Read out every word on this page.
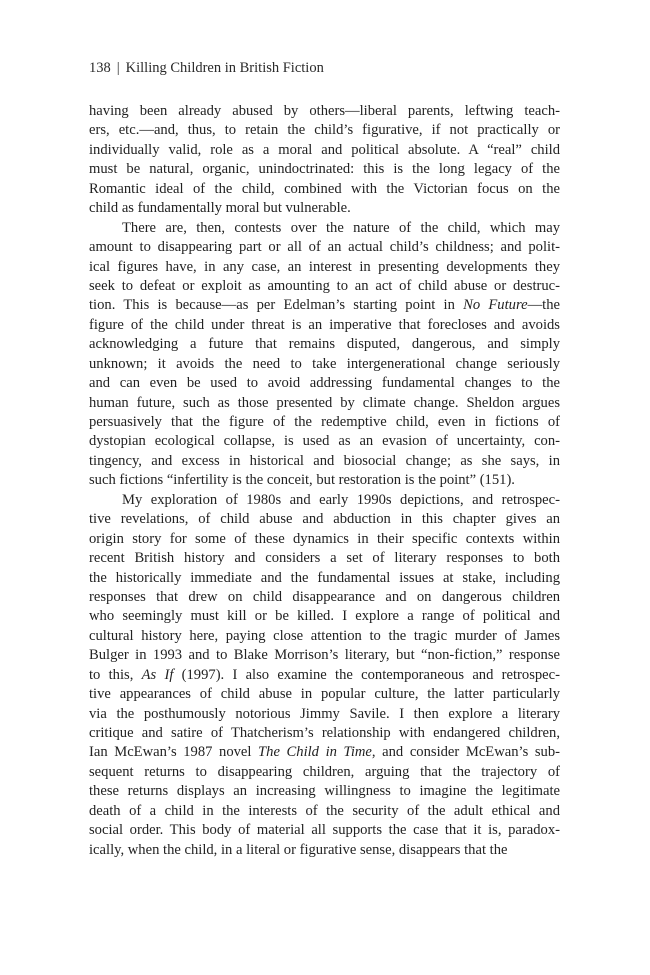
138 | Killing Children in British Fiction
having been already abused by others—liberal parents, leftwing teach-
ers, etc.—and, thus, to retain the child’s figurative, if not practically or
individually valid, role as a moral and political absolute. A “real” child
must be natural, organic, unindoctrinated: this is the long legacy of the
Romantic ideal of the child, combined with the Victorian focus on the
child as fundamentally moral but vulnerable.
There are, then, contests over the nature of the child, which may
amount to disappearing part or all of an actual child’s childness; and polit-
ical figures have, in any case, an interest in presenting developments they
seek to defeat or exploit as amounting to an act of child abuse or destruc-
tion. This is because—as per Edelman’s starting point in No Future—the
figure of the child under threat is an imperative that forecloses and avoids
acknowledging a future that remains disputed, dangerous, and simply
unknown; it avoids the need to take intergenerational change seriously
and can even be used to avoid addressing fundamental changes to the
human future, such as those presented by climate change. Sheldon argues
persuasively that the figure of the redemptive child, even in fictions of
dystopian ecological collapse, is used as an evasion of uncertainty, con-
tingency, and excess in historical and biosocial change; as she says, in
such fictions “infertility is the conceit, but restoration is the point” (151).
My exploration of 1980s and early 1990s depictions, and retrospec-
tive revelations, of child abuse and abduction in this chapter gives an
origin story for some of these dynamics in their specific contexts within
recent British history and considers a set of literary responses to both
the historically immediate and the fundamental issues at stake, including
responses that drew on child disappearance and on dangerous children
who seemingly must kill or be killed. I explore a range of political and
cultural history here, paying close attention to the tragic murder of James
Bulger in 1993 and to Blake Morrison’s literary, but “non-fiction,” response
to this, As If (1997). I also examine the contemporaneous and retrospec-
tive appearances of child abuse in popular culture, the latter particularly
via the posthumously notorious Jimmy Savile. I then explore a literary
critique and satire of Thatcherism’s relationship with endangered children,
Ian McEwan’s 1987 novel The Child in Time, and consider McEwan’s sub-
sequent returns to disappearing children, arguing that the trajectory of
these returns displays an increasing willingness to imagine the legitimate
death of a child in the interests of the security of the adult ethical and
social order. This body of material all supports the case that it is, paradox-
ically, when the child, in a literal or figurative sense, disappears that the
